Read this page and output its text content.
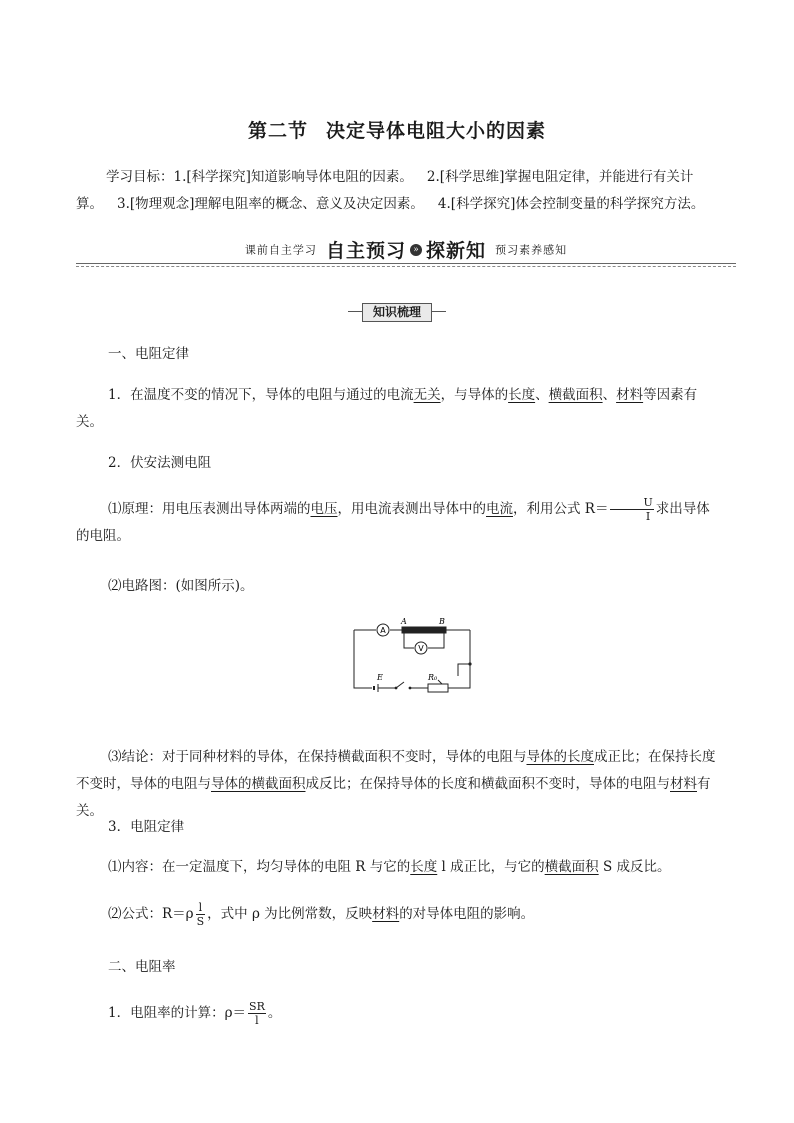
第二节 决定导体电阻大小的因素
学习目标：1.[科学探究]知道影响导体电阻的因素。 2.[科学思维]掌握电阻定律，并能进行有关计算。 3.[物理观念]理解电阻率的概念、意义及决定因素。 4.[科学探究]体会控制变量的科学探究方法。
课前自主学习 自主预习 » 探新知 预习素养感知
知识梳理
一、电阻定律
1．在温度不变的情况下，导体的电阻与通过的电流无关，与导体的长度、横截面积、材料等因素有关。
2．伏安法测电阻
⑴原理：用电压表测出导体两端的电压，用电流表测出导体中的电流，利用公式 $R= \frac{U}{I}$ 求出导体的电阻。
⑵电路图：(如图所示)。
A
V
A	B
E	R₀
⑶结论：对于同种材料的导体，在保持横截面积不变时，导体的电阻与导体的长度成正比；在保持长度不变时，导体的电阻与导体的横截面积成反比；在保持导体的长度和横截面积不变时，导体的电阻与材料有关。
3．电阻定律
⑴内容：在一定温度下，均匀导体的电阻 R 与它的长度 l 成正比，与它的横截面积 S 成反比。
⑵公式：$R=\rho \frac{l}{S}$ ，式中 ρ 为比例常数，反映材料的对导体电阻的影响。
二、电阻率
1．电阻率的计算：$\rho= \frac{SR}{l}$ 。
